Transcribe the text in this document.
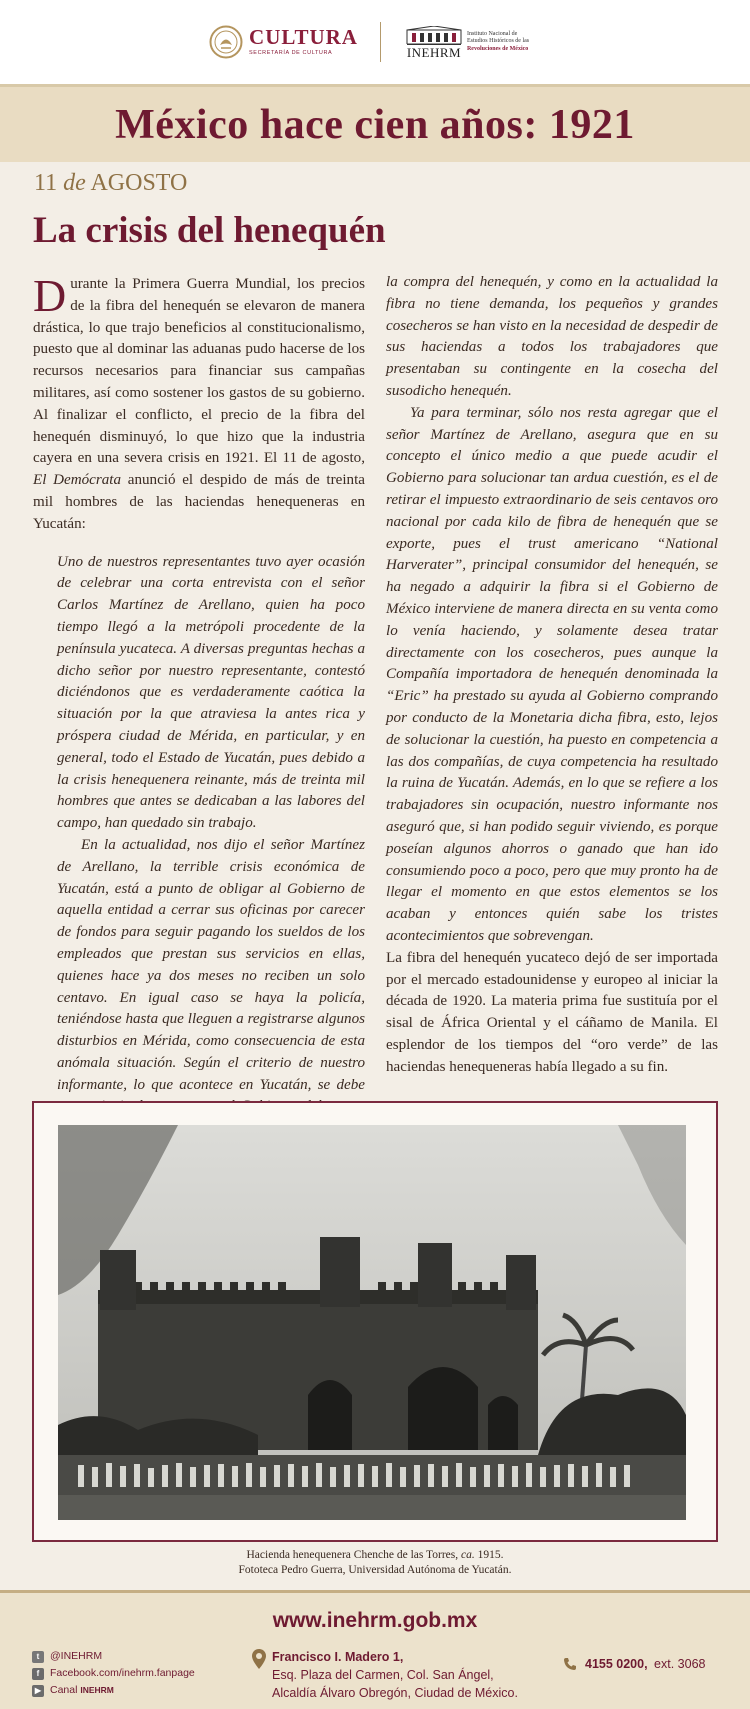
CULTURA
SECRETARÍA DE CULTURA	INEHRM
Instituto Nacional de
Estudios Históricos de las
Revoluciones de México
México hace cien años: 1921
11 de AGOSTO
La crisis del henequén

Durante la Primera Guerra Mundial, los precios de la fibra del henequén se elevaron de manera drástica, lo que trajo beneficios al constitucionalismo, puesto que al dominar las aduanas pudo hacerse de los recursos necesarios para financiar sus campañas militares, así como sostener los gastos de su gobierno. Al finalizar el conflicto, el precio de la fibra del henequén disminuyó, lo que hizo que la industria cayera en una severa crisis en 1921. El 11 de agosto, El Demócrata anunció el despido de más de treinta mil hombres de las haciendas henequeneras en Yucatán:

Uno de nuestros representantes tuvo ayer ocasión de celebrar una corta entrevista con el señor Carlos Martínez de Arellano, quien ha poco tiempo llegó a la metrópoli procedente de la península yucateca. A diversas preguntas hechas a dicho señor por nuestro representante, contestó diciéndonos que es verdaderamente caótica la situación por la que atraviesa la antes rica y próspera ciudad de Mérida, en particular, y en general, todo el Estado de Yucatán, pues debido a la crisis henequenera reinante, más de treinta mil hombres que antes se dedicaban a las labores del campo, han quedado sin trabajo.

En la actualidad, nos dijo el señor Martínez de Arellano, la terrible crisis económica de Yucatán, está a punto de obligar al Gobierno de aquella entidad a cerrar sus oficinas por carecer de fondos para seguir pagando los sueldos de los empleados que prestan sus servicios en ellas, quienes hace ya dos meses no reciben un solo centavo. En igual caso se haya la policía, teniéndose hasta que lleguen a registrarse algunos disturbios en Mérida, como consecuencia de esta anómala situación. Según el criterio de nuestro informante, lo que acontece en Yucatán, se debe

la compra del henequén, y como en la actualidad la fibra no tiene demanda, los pequeños y grandes cosecheros se han visto en la necesidad de despedir de sus haciendas a todos los trabajadores que presentaban su contingente en la cosecha del susodicho henequén.

Ya para terminar, sólo nos resta agregar que el señor Martínez de Arellano, asegura que en su concepto el único medio a que puede acudir el Gobierno para solucionar tan ardua cuestión, es el de retirar el impuesto extraordinario de seis centavos oro nacional por cada kilo de fibra de henequén que se exporte, pues el trust americano “National Harverater”, principal consumidor del henequén, se ha negado a adquirir la fibra si el Gobierno de México interviene de manera directa en su venta como lo venía haciendo, y solamente desea tratar directamente con los cosecheros, pues aunque la Compañía importadora de henequén denominada la “Eric” ha prestado su ayuda al Gobierno comprando por conducto de la Monetaria dicha fibra, esto, lejos de solucionar la cuestión, ha puesto en competencia a las dos compañías, de cuya competencia ha resultado la ruina de Yucatán. Además, en lo que se refiere a los trabajadores sin ocupación, nuestro informante nos aseguró que, si han podido seguir viviendo, es porque poseían algunos ahorros o ganado que han ido consumiendo poco a poco, pero que muy pronto ha de llegar el momento en que estos elementos se los acaban y entonces quién sabe los tristes acontecimientos que sobrevengan.

La fibra del henequén yucateco dejó de ser importada por el mercado estadounidense y europeo al iniciar la década de 1920. La materia prima fue sustituía por el sisal de África Oriental y el cáñamo de Manila. El esplendor de los tiempos del “oro verde” de las haciendas henequeneras había llegado a su fin.

Hacienda henequenera Chenche de las Torres, ca. 1915.
Fototeca Pedro Guerra, Universidad Autónoma de Yucatán.
www.inehrm.gob.mx
t	@INEHRM
f	Facebook.com/inehrm.fanpage
▶ Canal
INEHRM
Francisco I. Madero 1,
Esq. Plaza del Carmen, Col. San Ángel,
Alcaldía Álvaro Obregón, Ciudad de México.
4155 0200,
ext. 3068
